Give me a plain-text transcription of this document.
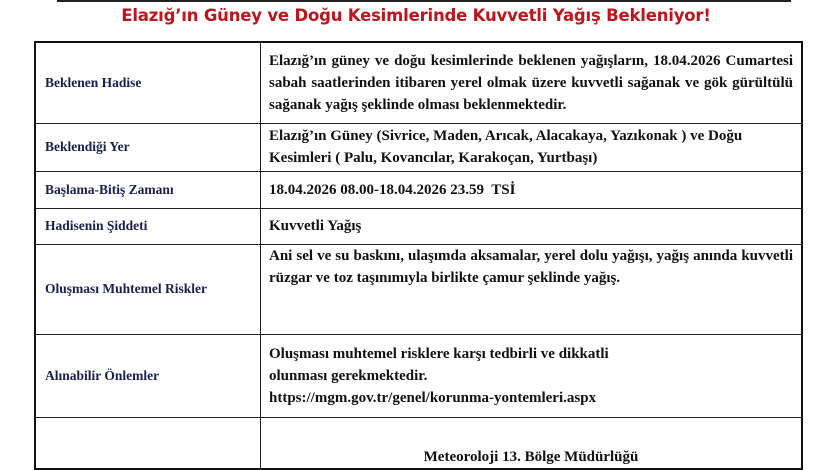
Elazığ’ın Güney ve Doğu Kesimlerinde Kuvvetli Yağış Bekleniyor!
Beklenen Hadise	Elazığ’ın güney ve doğu kesimlerinde beklenen yağışların, 18.04.2026 Cumartesi sabah saatlerinden itibaren yerel olmak üzere kuvvetli sağanak ve gök gürültülü sağanak yağış şeklinde olması beklenmektedir.
Beklendiği Yer	Elazığ’ın Güney (Sivrice, Maden, Arıcak, Alacakaya, Yazıkonak ) ve Doğu Kesimleri ( Palu, Kovancılar, Karakoçan, Yurtbaşı)
Başlama-Bitiş Zamanı	18.04.2026 08.00-18.04.2026 23.59  TSİ
Hadisenin Şiddeti	Kuvvetli Yağış
Oluşması Muhtemel Riskler	Ani sel ve su baskını, ulaşımda aksamalar, yerel dolu yağışı, yağış anında kuvvetli rüzgar ve toz taşınımıyla birlikte çamur şeklinde yağış.
Alınabilir Önlemler	Oluşması muhtemel risklere karşı tedbirli ve dikkatli olunması gerekmektedir.
https://mgm.gov.tr/genel/korunma-yontemleri.aspx

	Meteoroloji 13. Bölge Müdürlüğü
